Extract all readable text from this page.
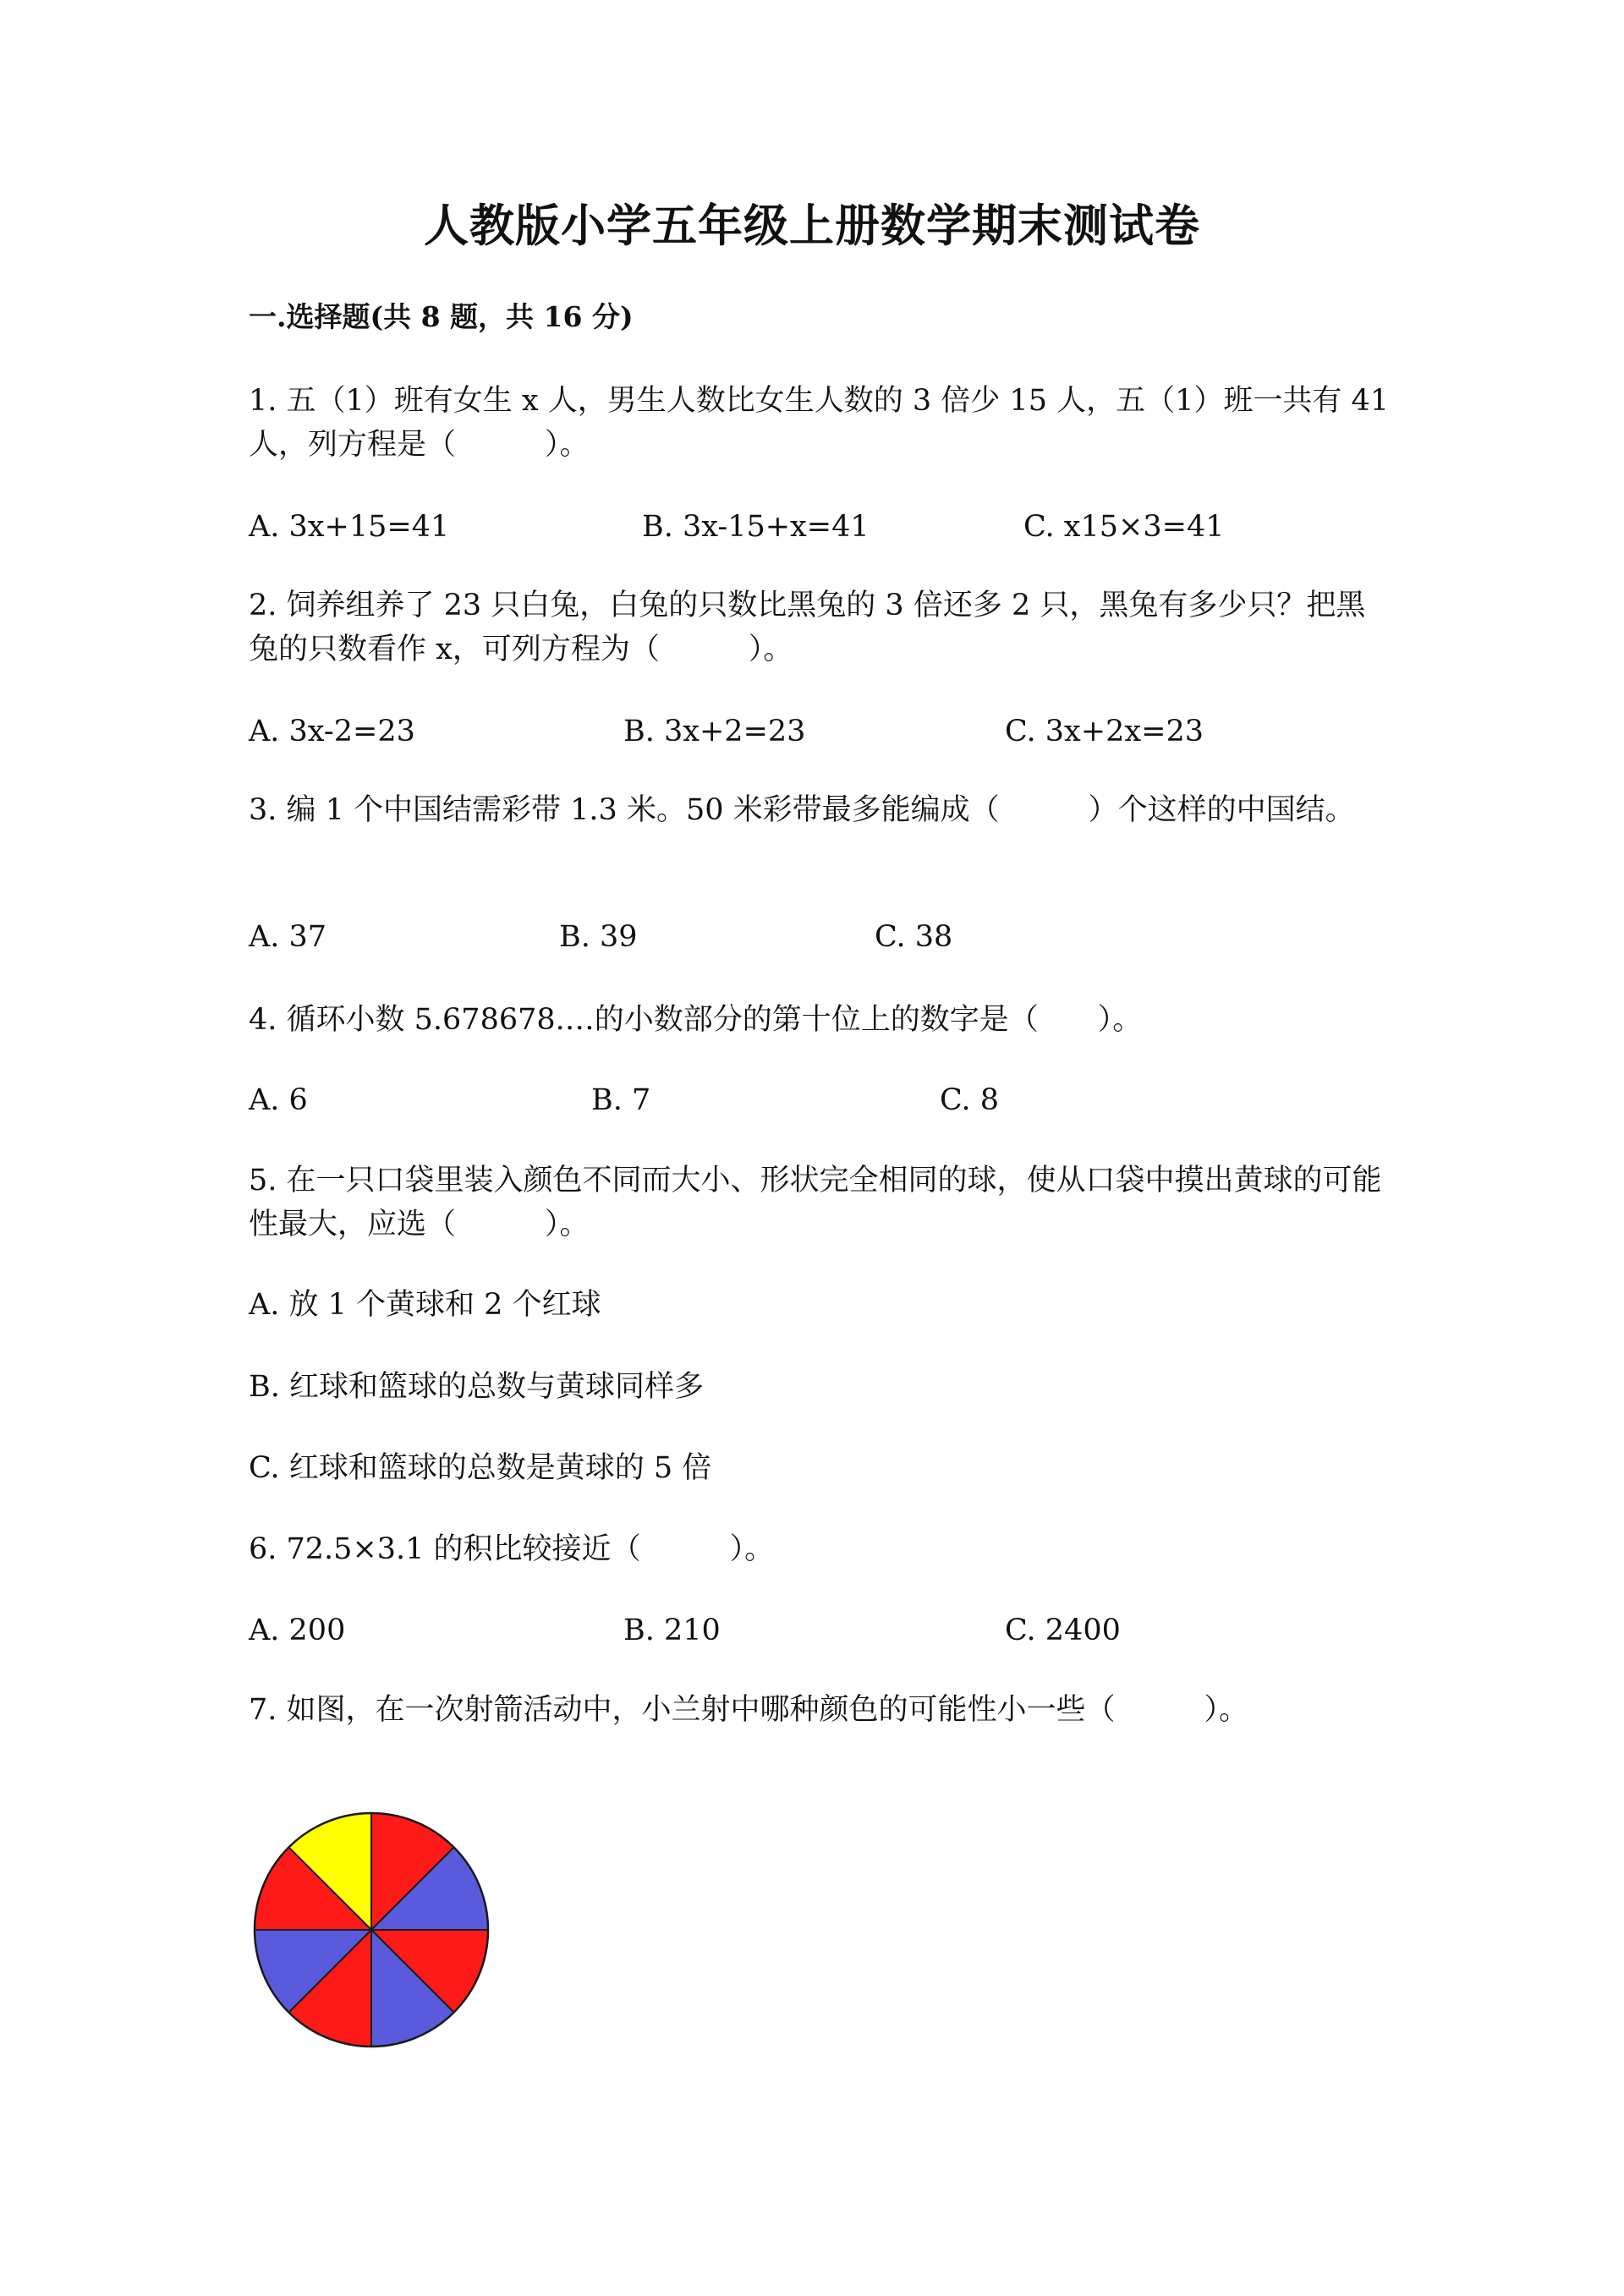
人教版小学五年级上册数学期末测试卷
一.选择题(共 8 题，共 16 分)
1. 五（1）班有女生 x 人，男生人数比女生人数的 3 倍少 15 人，五（1）班一共有 41 人，列方程是（　　　）。
A. 3x+15=41	B. 3x-15+x=41	C. x15×3=41
2. 饲养组养了 23 只白兔，白兔的只数比黑兔的 3 倍还多 2 只，黑兔有多少只？把黑兔的只数看作 x，可列方程为（　　　）。
A. 3x-2=23	B. 3x+2=23	C. 3x+2x=23
3. 编 1 个中国结需彩带 1.3 米。50 米彩带最多能编成（　　　）个这样的中国结。
A. 37	B. 39	C. 38
4. 循环小数 5.678678.…的小数部分的第十位上的数字是（　　）。
A. 6	B. 7	C. 8
5. 在一只口袋里装入颜色不同而大小、形状完全相同的球，使从口袋中摸出黄球的可能性最大，应选（　　　）。
A. 放 1 个黄球和 2 个红球
B. 红球和篮球的总数与黄球同样多
C. 红球和篮球的总数是黄球的 5 倍
6. 72.5×3.1 的积比较接近（　　　）。
A. 200	B. 210	C. 2400
7. 如图，在一次射箭活动中，小兰射中哪种颜色的可能性小一些（　　　）。
